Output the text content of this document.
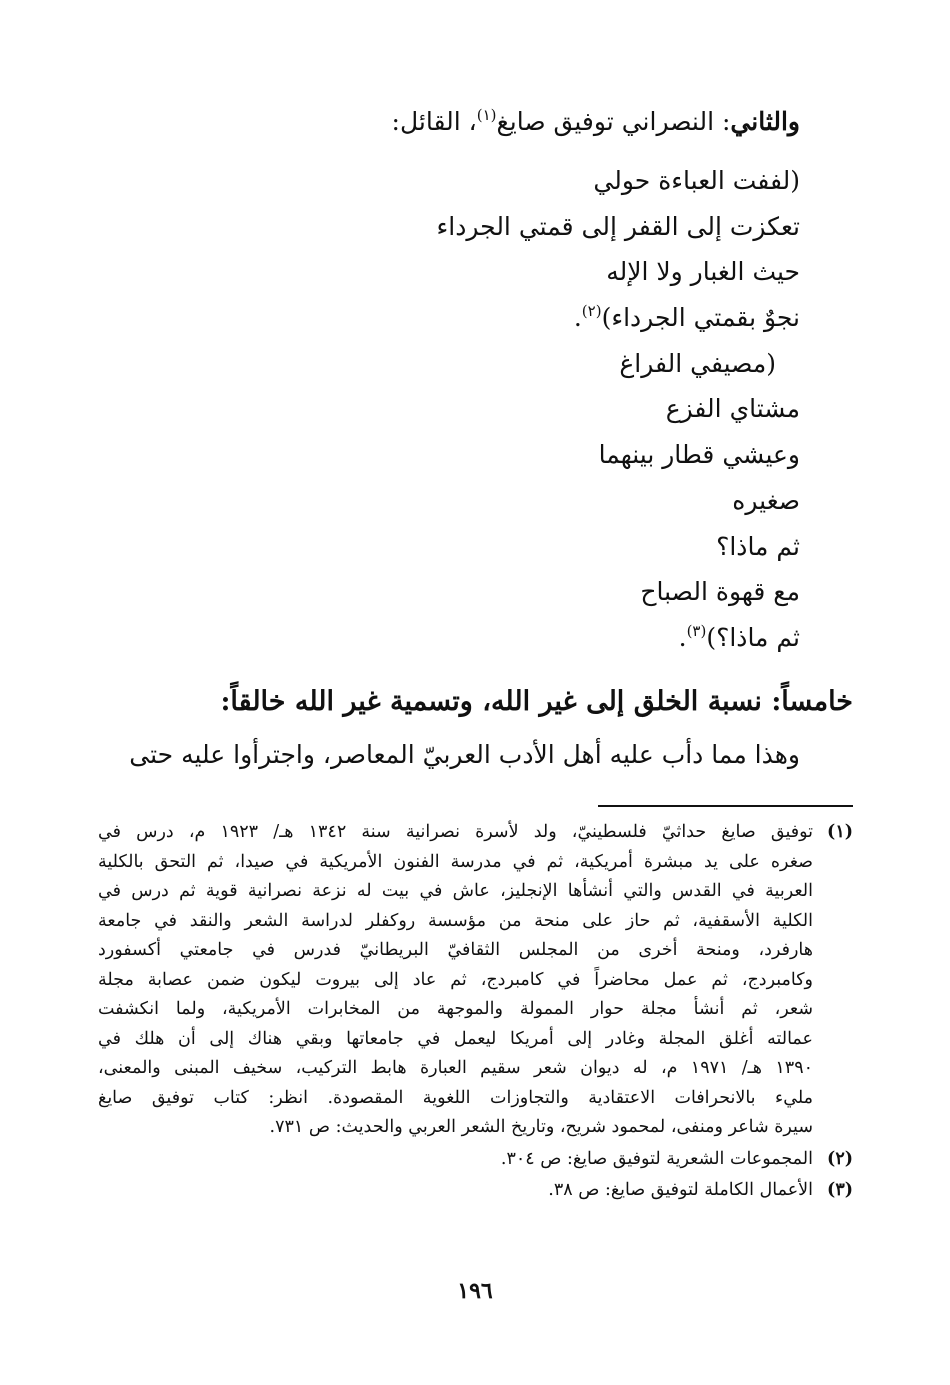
والثاني: النصراني توفيق صايغ$^{(١)}$، القائل:
(لففت العباءة حولي
تعكزت إلى القفر إلى قمتي الجرداء
حيث الغبار ولا الإله
نجوٌ بقمتي الجرداء)$^{(٢)}$.
(مصيفي الفراغ
مشتاي الفزع
وعيشي قطار بينهما
صغيره
ثم ماذا؟
مع قهوة الصباح
ثم ماذا؟)$^{(٣)}$.
خامساً: نسبة الخلق إلى غير الله، وتسمية غير الله خالقاً:
وهذا مما دأب عليه أهل الأدب العربيّ المعاصر، واجترأوا عليه حتى
(١)
توفيق صايغ حداثيّ فلسطينيّ، ولد لأسرة نصرانية سنة ١٣٤٢ هـ/ ١٩٢٣ م، درس في
صغره على يد مبشرة أمريكية، ثم في مدرسة الفنون الأمريكية في صيدا، ثم التحق بالكلية
العربية في القدس والتي أنشأها الإنجليز، عاش في بيت له نزعة نصرانية قوية ثم درس في
الكلية الأسقفية، ثم حاز على منحة من مؤسسة روكفلر لدراسة الشعر والنقد في جامعة
هارفرد، ومنحة أخرى من المجلس الثقافيّ البريطانيّ فدرس في جامعتي أكسفورد
وكامبردج، ثم عمل محاضراً في كامبردج، ثم عاد إلى بيروت ليكون ضمن عصابة مجلة
شعر، ثم أنشأ مجلة حوار الممولة والموجهة من المخابرات الأمريكية، ولما انكشفت
عمالته أغلق المجلة وغادر إلى أمريكا ليعمل في جامعاتها وبقي هناك إلى أن هلك في
١٣٩٠ هـ/ ١٩٧١ م، له ديوان شعر سقيم العبارة هابط التركيب، سخيف المبنى والمعنى،
مليء بالانحرافات الاعتقادية والتجاوزات اللغوية المقصودة. انظر: كتاب توفيق صايغ
سيرة شاعر ومنفى، لمحمود شريح، وتاريخ الشعر العربي والحديث: ص ٧٣١.
(٢)
المجموعات الشعرية لتوفيق صايغ: ص ٣٠٤.
(٣)
الأعمال الكاملة لتوفيق صايغ: ص ٣٨.
١٩٦
